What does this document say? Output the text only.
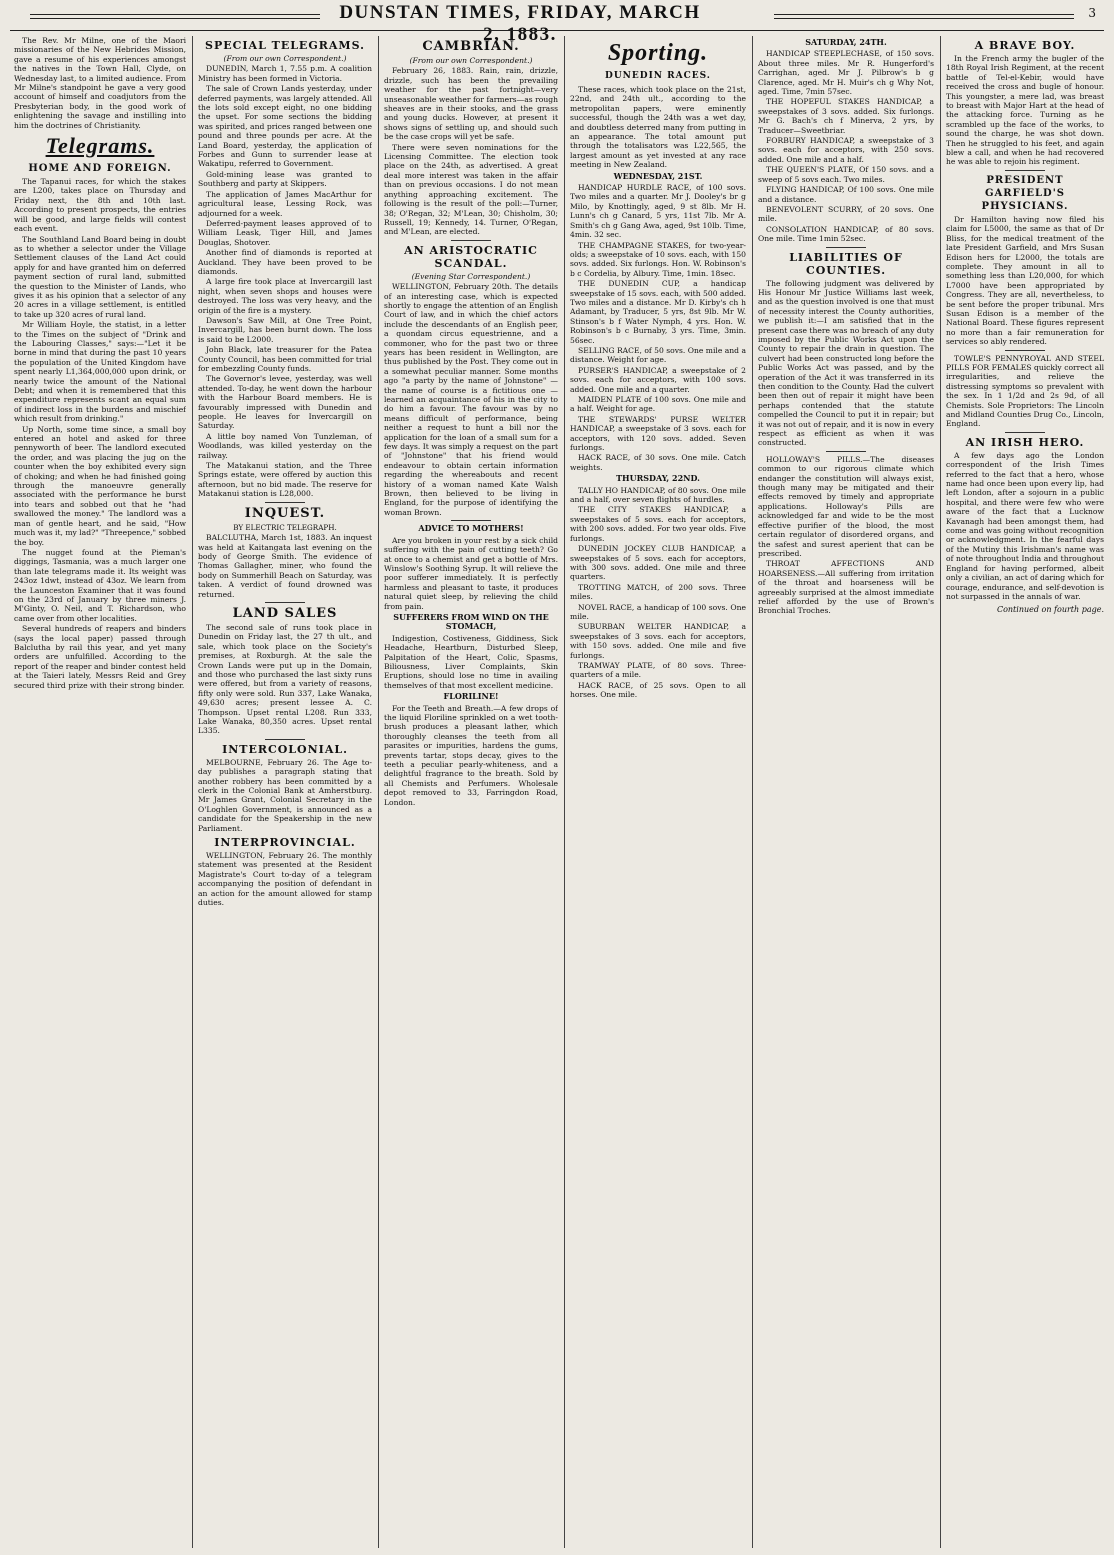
DUNSTAN TIMES, FRIDAY, MARCH 2, 1883.
3

The Rev. Mr Milne, one of the Maori missionaries of the New Hebrides Mission, gave a resume of his experiences amongst the natives in the Town Hall, Clyde, on Wednesday last, to a limited audience. From Mr Milne's standpoint he gave a very good account of himself and coadjutors from the Presbyterian body, in the good work of enlightening the savage and instilling into him the doctrines of Christianity.

Telegrams.
HOME AND FOREIGN.

The Tapanui races, for which the stakes are L200, takes place on Thursday and Friday next, the 8th and 10th last. According to present prospects, the entries will be good, and large fields will contest each event.

The Southland Land Board being in doubt as to whether a selector under the Village Settlement clauses of the Land Act could apply for and have granted him on deferred payment section of rural land, submitted the question to the Minister of Lands, who gives it as his opinion that a selector of any 20 acres in a village settlement, is entitled to take up 320 acres of rural land.

Mr William Hoyle, the statist, in a letter to the Times on the subject of "Drink and the Labouring Classes," says:—"Let it be borne in mind that during the past 10 years the population of the United Kingdom have spent nearly L1,364,000,000 upon drink, or nearly twice the amount of the National Debt; and when it is remembered that this expenditure represents scant an equal sum of indirect loss in the burdens and mischief which result from drinking."

Up North, some time since, a small boy entered an hotel and asked for three pennyworth of beer. The landlord executed the order, and was placing the jug on the counter when the boy exhibited every sign of choking; and when he had finished going through the manoeuvre generally associated with the performance he burst into tears and sobbed out that he "had swallowed the money." The landlord was a man of gentle heart, and he said, "How much was it, my lad?" "Threepence," sobbed the boy.

The nugget found at the Pieman's diggings, Tasmania, was a much larger one than late telegrams made it. Its weight was 243oz 1dwt, instead of 43oz. We learn from the Launceston Examiner that it was found on the 23rd of January by three miners J. M'Ginty, O. Neil, and T. Richardson, who came over from other localities.

Several hundreds of reapers and binders (says the local paper) passed through Balclutha by rail this year, and yet many orders are unfulfilled. According to the report of the reaper and binder contest held at the Taieri lately, Messrs Reid and Grey secured third prize with their strong binder.

SPECIAL TELEGRAMS.
(From our own Correspondent.)

DUNEDIN, March 1, 7.55 p.m. A coalition Ministry has been formed in Victoria.

The sale of Crown Lands yesterday, under deferred payments, was largely attended. All the lots sold except eight, no one bidding the upset. For some sections the bidding was spirited, and prices ranged between one pound and three pounds per acre. At the Land Board, yesterday, the application of Forbes and Gunn to surrender lease at Wakatipu, referred to Government.

Gold-mining lease was granted to Southberg and party at Skippers.

The application of James MacArthur for agricultural lease, Lessing Rock, was adjourned for a week.

Deferred-payment leases approved of to William Leask, Tiger Hill, and James Douglas, Shotover.

Another find of diamonds is reported at Auckland. They have been proved to be diamonds.

A large fire took place at Invercargill last night, when seven shops and houses were destroyed. The loss was very heavy, and the origin of the fire is a mystery.

Dawson's Saw Mill, at One Tree Point, Invercargill, has been burnt down. The loss is said to be L2000.

John Black, late treasurer for the Patea County Council, has been committed for trial for embezzling County funds.

The Governor's levee, yesterday, was well attended. To-day, he went down the harbour with the Harbour Board members. He is favourably impressed with Dunedin and people. He leaves for Invercargill on Saturday.

A little boy named Von Tunzleman, of Woodlands, was killed yesterday on the railway.

The Matakanui station, and the Three Springs estate, were offered by auction this afternoon, but no bid made. The reserve for Matakanui station is L28,000.

INQUEST.
BY ELECTRIC TELEGRAPH.

BALCLUTHA, March 1st, 1883. An inquest was held at Kaitangata last evening on the body of George Smith. The evidence of Thomas Gallagher, miner, who found the body on Summerhill Beach on Saturday, was taken. A verdict of found drowned was returned.

LAND SALES

The second sale of runs took place in Dunedin on Friday last, the 27 th ult., and sale, which took place on the Society's premises, at Roxburgh. At the sale the Crown Lands were put up in the Domain, and those who purchased the last sixty runs were offered, but from a variety of reasons, fifty only were sold. Run 337, Lake Wanaka, 49,630 acres; present lessee A. C. Thompson. Upset rental L208. Run 333, Lake Wanaka, 80,350 acres. Upset rental L335.

INTERCOLONIAL.

MELBOURNE, February 26. The Age to-day publishes a paragraph stating that another robbery has been committed by a clerk in the Colonial Bank at Amherstburg. Mr James Grant, Colonial Secretary in the O'Loghlen Government, is announced as a candidate for the Speakership in the new Parliament.

INTERPROVINCIAL.

WELLINGTON, February 26. The monthly statement was presented at the Resident Magistrate's Court to-day of a telegram accompanying the position of defendant in an action for the amount allowed for stamp duties.

CAMBRIAN.
(From our own Correspondent.)

February 26, 1883. Rain, rain, drizzle, drizzle, such has been the prevailing weather for the past fortnight—very unseasonable weather for farmers—as rough sheaves are in their stooks, and the grass and young ducks. However, at present it shows signs of settling up, and should such be the case crops will yet be safe.

There were seven nominations for the Licensing Committee. The election took place on the 24th, as advertised. A great deal more interest was taken in the affair than on previous occasions. I do not mean anything approaching excitement. The following is the result of the poll:—Turner, 38; O'Regan, 32; M'Lean, 30; Chisholm, 30; Russell, 19; Kennedy, 14. Turner, O'Regan, and M'Lean, are elected.

AN ARISTOCRATIC SCANDAL.
(Evening Star Correspondent.)

WELLINGTON, February 20th. The details of an interesting case, which is expected shortly to engage the attention of an English Court of law, and in which the chief actors include the descendants of an English peer, a quondam circus equestrienne, and a commoner, who for the past two or three years has been resident in Wellington, are thus published by the Post. They come out in a somewhat peculiar manner. Some months ago "a party by the name of Johnstone" — the name of course is a fictitious one — learned an acquaintance of his in the city to do him a favour. The favour was by no means difficult of performance, being neither a request to hunt a bill nor the application for the loan of a small sum for a few days. It was simply a request on the part of "Johnstone" that his friend would endeavour to obtain certain information regarding the whereabouts and recent history of a woman named Kate Walsh Brown, then believed to be living in England, for the purpose of identifying the woman Brown.

ADVICE TO MOTHERS!

Are you broken in your rest by a sick child suffering with the pain of cutting teeth? Go at once to a chemist and get a bottle of Mrs. Winslow's Soothing Syrup. It will relieve the poor sufferer immediately. It is perfectly harmless and pleasant to taste, it produces natural quiet sleep, by relieving the child from pain.

SUFFERERS FROM WIND ON THE STOMACH,

Indigestion, Costiveness, Giddiness, Sick Headache, Heartburn, Disturbed Sleep, Palpitation of the Heart, Colic, Spasms, Biliousness, Liver Complaints, Skin Eruptions, should lose no time in availing themselves of that most excellent medicine.

FLORILINE!

For the Teeth and Breath.—A few drops of the liquid Floriline sprinkled on a wet tooth-brush produces a pleasant lather, which thoroughly cleanses the teeth from all parasites or impurities, hardens the gums, prevents tartar, stops decay, gives to the teeth a peculiar pearly-whiteness, and a delightful fragrance to the breath. Sold by all Chemists and Perfumers. Wholesale depot removed to 33, Farringdon Road, London.

Sporting.
DUNEDIN RACES.

These races, which took place on the 21st, 22nd, and 24th ult., according to the metropolitan papers, were eminently successful, though the 24th was a wet day, and doubtless deterred many from putting in an appearance. The total amount put through the totalisators was L22,565, the largest amount as yet invested at any race meeting in New Zealand.

WEDNESDAY, 21ST.

HANDICAP HURDLE RACE, of 100 sovs. Two miles and a quarter. Mr J. Dooley's br g Milo, by Knottingly, aged, 9 st 8lb. Mr H. Lunn's ch g Canard, 5 yrs, 11st 7lb. Mr A. Smith's ch g Gang Awa, aged, 9st 10lb. Time, 4min. 32 sec.

THE CHAMPAGNE STAKES, for two-year-olds; a sweepstake of 10 sovs. each, with 150 sovs. added. Six furlongs. Hon. W. Robinson's b c Cordelia, by Albury. Time, 1min. 18sec.

THE DUNEDIN CUP, a handicap sweepstake of 15 sovs. each, with 500 added. Two miles and a distance. Mr D. Kirby's ch h Adamant, by Traducer, 5 yrs, 8st 9lb. Mr W. Stinson's b f Water Nymph, 4 yrs. Hon. W. Robinson's b c Burnaby, 3 yrs. Time, 3min. 56sec.

SELLING RACE, of 50 sovs. One mile and a distance. Weight for age.

PURSER'S HANDICAP, a sweepstake of 2 sovs. each for acceptors, with 100 sovs. added. One mile and a quarter.

MAIDEN PLATE of 100 sovs. One mile and a half. Weight for age.

THE STEWARDS' PURSE WELTER HANDICAP, a sweepstake of 3 sovs. each for acceptors, with 120 sovs. added. Seven furlongs.

HACK RACE, of 30 sovs. One mile. Catch weights.

THURSDAY, 22ND.

TALLY HO HANDICAP, of 80 sovs. One mile and a half, over seven flights of hurdles.

THE CITY STAKES HANDICAP, a sweepstakes of 5 sovs. each for acceptors, with 200 sovs. added. For two year olds. Five furlongs.

DUNEDIN JOCKEY CLUB HANDICAP, a sweepstakes of 5 sovs. each for acceptors, with 300 sovs. added. One mile and three quarters.

TROTTING MATCH, of 200 sovs. Three miles.

NOVEL RACE, a handicap of 100 sovs. One mile.

SUBURBAN WELTER HANDICAP, a sweepstakes of 3 sovs. each for acceptors, with 150 sovs. added. One mile and five furlongs.

TRAMWAY PLATE, of 80 sovs. Three-quarters of a mile.

HACK RACE, of 25 sovs. Open to all horses. One mile.

SATURDAY, 24TH.

HANDICAP STEEPLECHASE, of 150 sovs. About three miles. Mr R. Hungerford's Carrighan, aged. Mr J. Pilbrow's b g Clarence, aged. Mr H. Muir's ch g Why Not, aged. Time, 7min 57sec.

THE HOPEFUL STAKES HANDICAP, a sweepstakes of 3 sovs. added. Six furlongs. Mr G. Bach's ch f Minerva, 2 yrs, by Traducer—Sweetbriar.

FORBURY HANDICAP, a sweepstake of 3 sovs. each for acceptors, with 250 sovs. added. One mile and a half.

THE QUEEN'S PLATE, Of 150 sovs. and a sweep of 5 sovs each. Two miles.

FLYING HANDICAP, Of 100 sovs. One mile and a distance.

BENEVOLENT SCURRY, of 20 sovs. One mile.

CONSOLATION HANDICAP, of 80 sovs. One mile. Time 1min 52sec.

LIABILITIES OF COUNTIES.

The following judgment was delivered by His Honour Mr Justice Williams last week, and as the question involved is one that must of necessity interest the County authorities, we publish it:—I am satisfied that in the present case there was no breach of any duty imposed by the Public Works Act upon the County to repair the drain in question. The culvert had been constructed long before the Public Works Act was passed, and by the operation of the Act it was transferred in its then condition to the County. Had the culvert been then out of repair it might have been perhaps contended that the statute compelled the Council to put it in repair; but it was not out of repair, and it is now in every respect as efficient as when it was constructed.

HOLLOWAY'S PILLS.—The diseases common to our rigorous climate which endanger the constitution will always exist, though many may be mitigated and their effects removed by timely and appropriate applications. Holloway's Pills are acknowledged far and wide to be the most effective purifier of the blood, the most certain regulator of disordered organs, and the safest and surest aperient that can be prescribed.

THROAT AFFECTIONS AND HOARSENESS.—All suffering from irritation of the throat and hoarseness will be agreeably surprised at the almost immediate relief afforded by the use of Brown's Bronchial Troches.

A BRAVE BOY.

In the French army the bugler of the 18th Royal Irish Regiment, at the recent battle of Tel-el-Kebir, would have received the cross and bugle of honour. This youngster, a mere lad, was breast to breast with Major Hart at the head of the attacking force. Turning as he scrambled up the face of the works, to sound the charge, he was shot down. Then he struggled to his feet, and again blew a call, and when he had recovered he was able to rejoin his regiment.

PRESIDENT GARFIELD'S PHYSICIANS.

Dr Hamilton having now filed his claim for L5000, the same as that of Dr Bliss, for the medical treatment of the late President Garfield, and Mrs Susan Edison hers for L2000, the totals are complete. They amount in all to something less than L20,000, for which L7000 have been appropriated by Congress. They are all, nevertheless, to be sent before the proper tribunal. Mrs Susan Edison is a member of the National Board. These figures represent no more than a fair remuneration for services so ably rendered.

TOWLE'S PENNYROYAL AND STEEL PILLS FOR FEMALES quickly correct all irregularities, and relieve the distressing symptoms so prevalent with the sex. In 1 1/2d and 2s 9d, of all Chemists. Sole Proprietors: The Lincoln and Midland Counties Drug Co., Lincoln, England.

AN IRISH HERO.

A few days ago the London correspondent of the Irish Times referred to the fact that a hero, whose name had once been upon every lip, had left London, after a sojourn in a public hospital, and there were few who were aware of the fact that a Lucknow Kavanagh had been amongst them, had come and was going without recognition or acknowledgment. In the fearful days of the Mutiny this Irishman's name was of note throughout India and throughout England for having performed, albeit only a civilian, an act of daring which for courage, endurance, and self-devotion is not surpassed in the annals of war.

Continued on fourth page.
